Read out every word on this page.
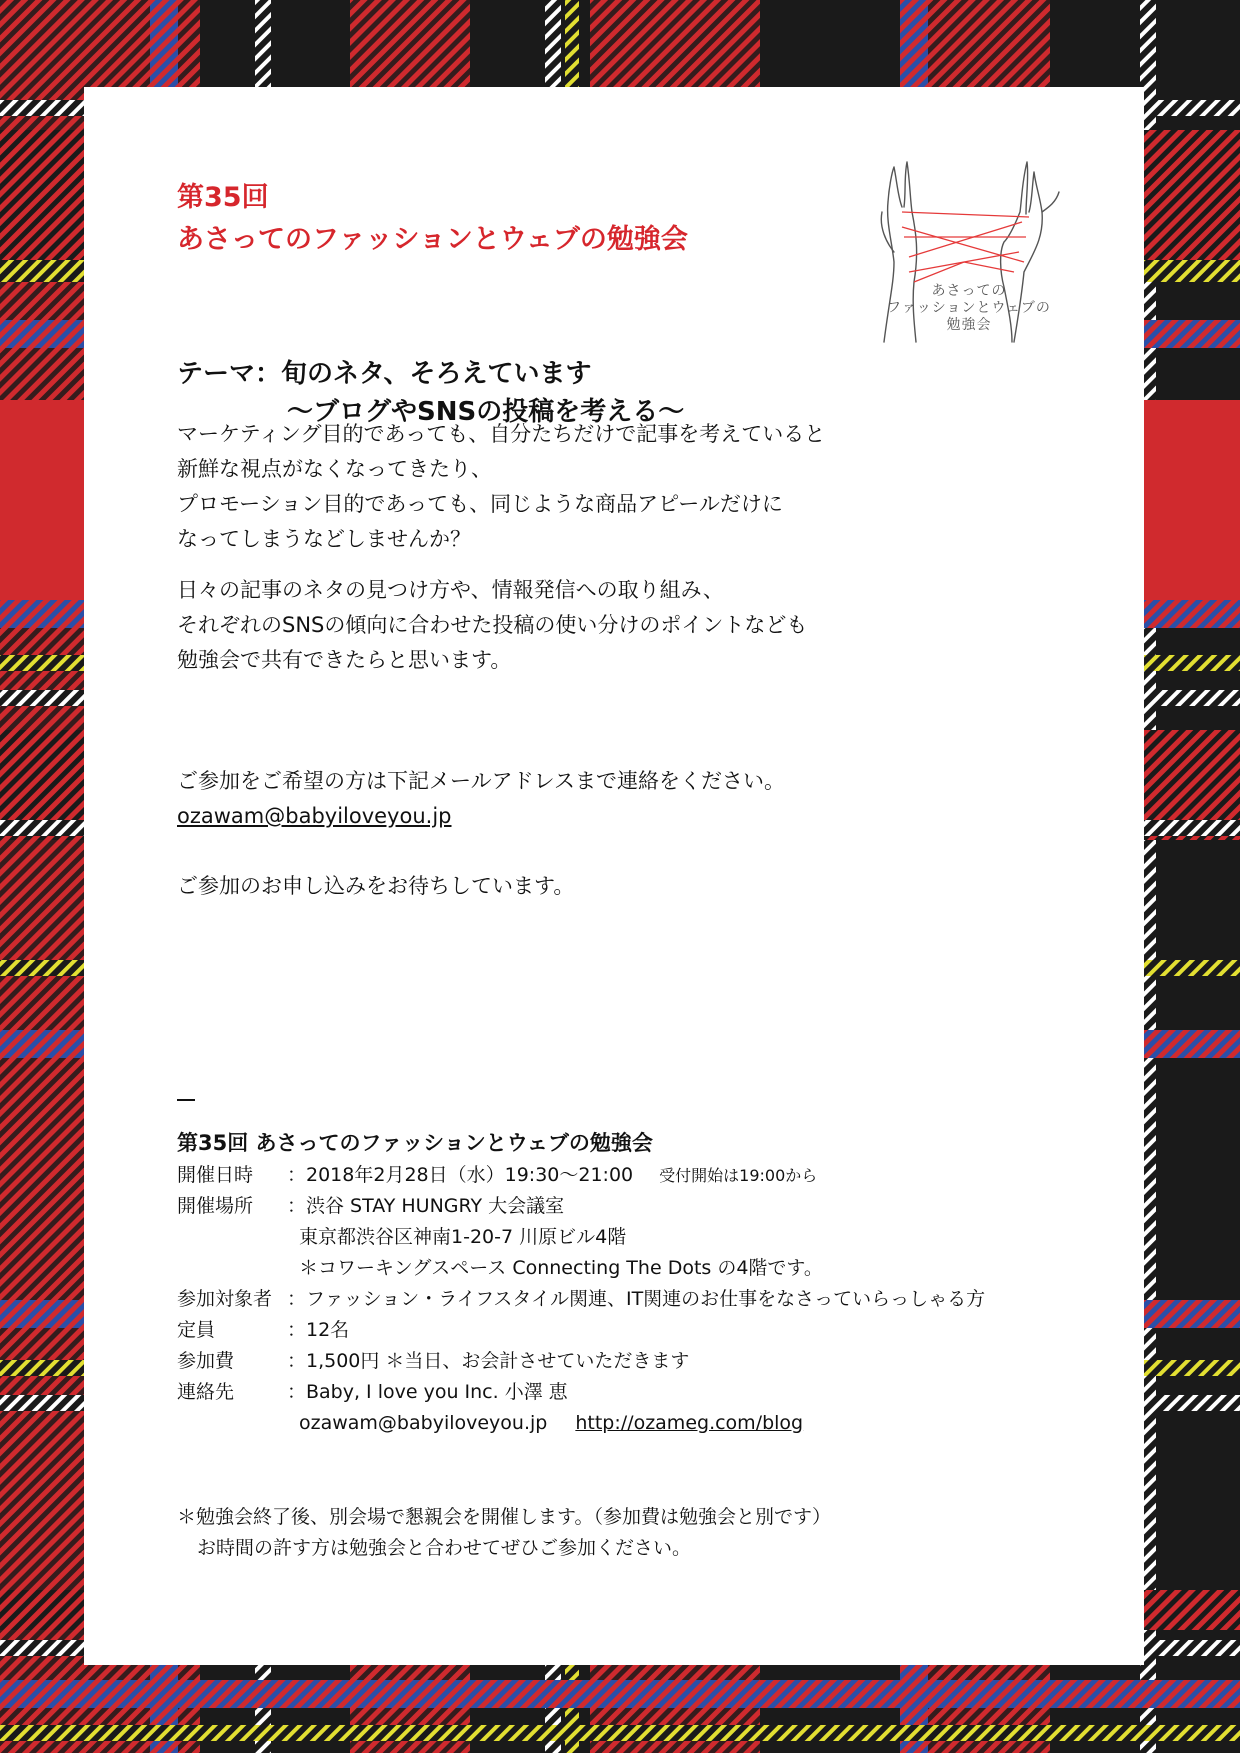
第35回
あさってのファッションとウェブの勉強会
あさっての
ファッションとウェブの
勉強会
テーマ：旬のネタ、そろえています
〜ブログやSNSの投稿を考える〜
マーケティング目的であっても、自分たちだけで記事を考えていると
新鮮な視点がなくなってきたり、
プロモーション目的であっても、同じような商品アピールだけに
なってしまうなどしませんか？
日々の記事のネタの見つけ方や、情報発信への取り組み、
それぞれのSNSの傾向に合わせた投稿の使い分けのポイントなども
勉強会で共有できたらと思います。
ご参加をご希望の方は下記メールアドレスまで連絡をください。
ozawam@babyiloveyou.jp
ご参加のお申し込みをお待ちしています。
第35回 あさってのファッションとウェブの勉強会
開催日時	：2018年2月28日（水）19:30〜21:00 受付開始は19:00から
開催場所	：渋谷 STAY HUNGRY 大会議室
東京都渋谷区神南1-20-7 川原ビル4階
＊コワーキングスペース Connecting The Dots の4階です。
参加対象者 ：ファッション・ライフスタイル関連、IT関連のお仕事をなさっていらっしゃる方
定員	：12名
参加費	：1,500円 ＊当日、お会計させていただきます
連絡先	：Baby, I love you Inc. 小澤 恵
ozawam@babyiloveyou.jp http://ozameg.com/blog
＊勉強会終了後、別会場で懇親会を開催します。（参加費は勉強会と別です）
お時間の許す方は勉強会と合わせてぜひご参加ください。
